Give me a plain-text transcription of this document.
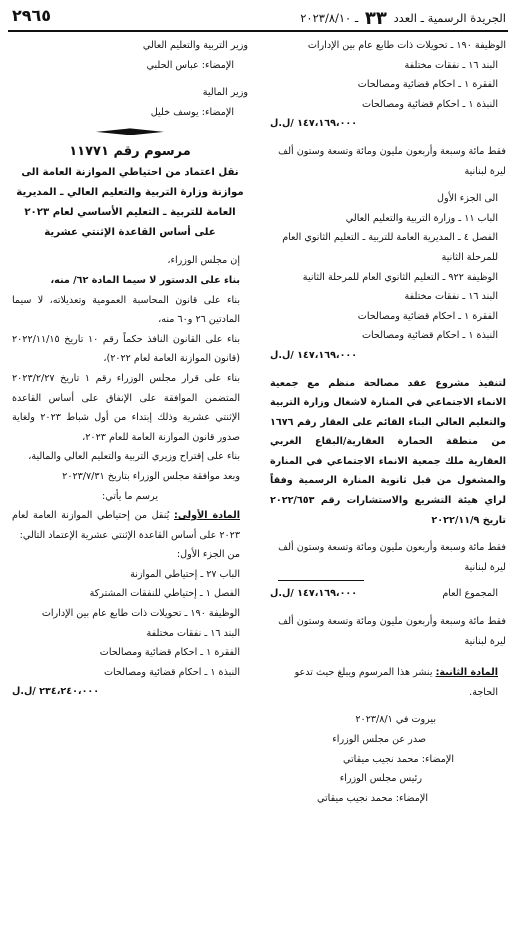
الجريدة الرسمية ـ العدد ٣٣ ـ ٢٠٢٣/٨/١٠
٢٩٦٥

الوظيفة ١٩٠ ـ تحويلات ذات طابع عام بين الإدارات

البند ١٦ ـ نفقات مختلفة

الفقرة ١ ـ احكام قضائية ومصالحات

النبذة ١ ـ احكام قضائية ومصالحات

١٤٧،١٦٩،٠٠٠ /ل.ل

فقط مائة وسبعة وأربعون مليون ومائة وتسعة وستون ألف ليرة لبنانية

الى الجزء الأول

الباب ١١ ـ وزارة التربية والتعليم العالي

الفصل ٤ ـ المديرية العامة للتربية ـ التعليم الثانوي العام للمرحلة الثانية

الوظيفة ٩٢٢ ـ التعليم الثانوي العام للمرحلة الثانية

البند ١٦ ـ نفقات مختلفة

الفقرة ١ ـ احكام قضائية ومصالحات

النبذة ١ ـ احكام قضائية ومصالحات

١٤٧،١٦٩،٠٠٠ /ل.ل

لتنفيذ مشروع عقد مصالحة منظم مع جمعية الانماء الاجتماعي في المنارة لاشغال وزارة التربية والتعليم العالي البناء القائم على العقار رقم ١٦٧٦ من منطقة الحمارة العقارية/البقاع الغربي العقارية ملك جمعية الانماء الاجتماعي في المنارة والمشغول من قبل ثانوية المنارة الرسمية وفقاً لراي هيئة التشريع والاستشارات رقم ٢٠٢٢/٦٥٣ تاريخ ٢٠٢٢/١١/٩

فقط مائة وسبعة وأربعون مليون ومائة وتسعة وستون ألف ليرة لبنانية

المجموع العام
١٤٧،١٦٩،٠٠٠ /ل.ل

فقط مائة وسبعة وأربعون مليون ومائة وتسعة وستون ألف ليرة لبنانية

المادة الثانية: ينشر هذا المرسوم ويبلغ حيث تدعو الحاجة.

بيروت في ٢٠٢٣/٨/١

صدر عن مجلس الوزراء

الإمضاء: محمد نجيب ميقاتي

رئيس مجلس الوزراء

الإمضاء: محمد نجيب ميقاتي

وزير التربية والتعليم العالي

الإمضاء: عباس الحلبي

وزير المالية

الإمضاء: يوسف خليل

مرسوم رقم ١١٧٧١

نقل اعتماد من احتياطي الموازنة العامة الى موازنة وزارة التربية والتعليم العالي ـ المديرية العامة للتربية ـ التعليم الأساسي لعام ٢٠٢٣ على أساس القاعدة الإثنتي عشرية

إن مجلس الوزراء،

بناء على الدستور لا سيما المادة ٦٢/ منه،

بناء على قانون المحاسبة العمومية وتعديلاته، لا سيما المادتين ٢٦ و٦٠ منه،

بناء على القانون النافذ حكماً رقم ١٠ تاريخ ٢٠٢٢/١١/١٥ (قانون الموازنة العامة لعام ٢٠٢٢)،

بناء على قرار مجلس الوزراء رقم ١ تاريخ ٢٠٢٣/٢/٢٧ المتضمن الموافقة على الإنفاق على أساس القاعدة الإثنتي عشرية وذلك إبتداء من أول شباط ٢٠٢٣ ولغاية صدور قانون الموازنة العامة للعام ٢٠٢٣،

بناء على إقتراح وزيري التربية والتعليم العالي والمالية،

وبعد موافقة مجلس الوزراء بتاريخ ٢٠٢٣/٧/٣١

يرسم ما يأتي:

المادة الأولى: يُنقل من إحتياطي الموازنة العامة لعام ٢٠٢٣ على أساس القاعدة الإثنتي عشرية الإعتماد التالي:

من الجزء الأول:

الباب ٢٧ ـ إحتياطي الموازنة

الفصل ١ ـ إحتياطي للنفقات المشتركة

الوظيفة ١٩٠ ـ تحويلات ذات طابع عام بين الإدارات

البند ١٦ ـ نفقات مختلفة

الفقرة ١ ـ احكام قضائية ومصالحات

النبذة ١ ـ احكام قضائية ومصالحات

٢٣٤،٢٤٠،٠٠٠ /ل.ل
